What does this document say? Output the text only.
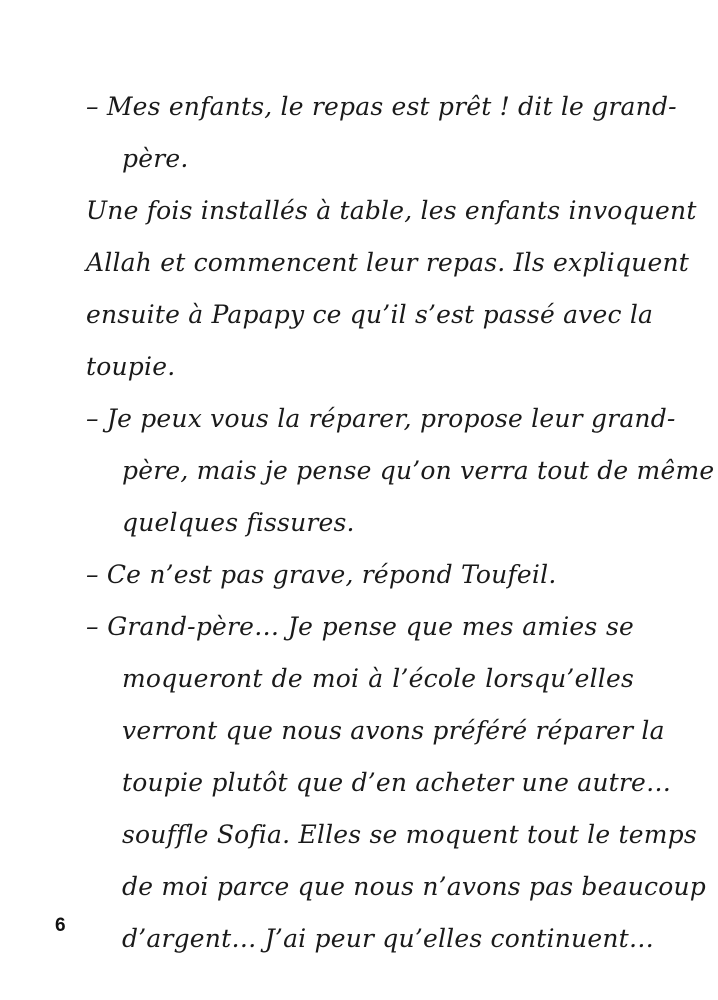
– Mes enfants, le repas est prêt ! dit le grand-
père.
Une fois installés à table, les enfants invoquent
Allah et commencent leur repas. Ils expliquent
ensuite à Papapy ce qu’il s’est passé avec la
toupie.
– Je peux vous la réparer, propose leur grand-
père, mais je pense qu’on verra tout de même
quelques fissures.
– Ce n’est pas grave, répond Toufeil.
– Grand-père… Je pense que mes amies se
moqueront de moi à l’école lorsqu’elles
verront que nous avons préféré réparer la
toupie plutôt que d’en acheter une autre…
souffle Sofia. Elles se moquent tout le temps
de moi parce que nous n’avons pas beaucoup
d’argent… J’ai peur qu’elles continuent…
6
